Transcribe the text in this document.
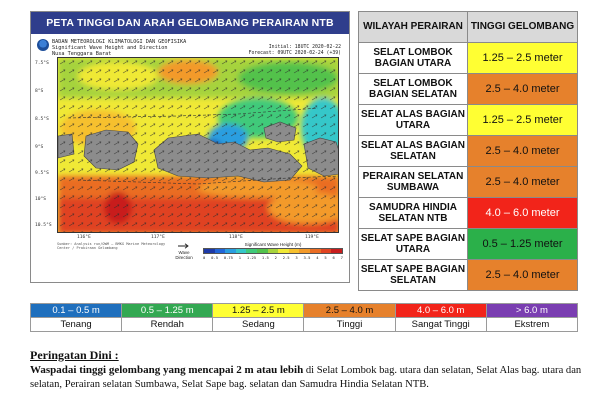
PETA TINGGI DAN ARAH GELOMBANG PERAIRAN NTB
BADAN METEOROLOGI KLIMATOLOGI DAN GEOFISIKA
Significant Wave Height and Direction
Nusa Tenggara Barat
Initial: 18UTC 2020-02-22
Forecast: 09UTC 2020-02-24 (+39)
7.5°S
8°S
8.5°S
9°S
9.5°S
10°S
10.5°S
116°E	117°E	118°E	119°E
Sumber: Analysis run/OWM — BMKG Marine Meteorology Center / Prakiraan Gelombang
Wave Direction
Significant Wave Height (m)
0 0.5 0.75 1 1.25 1.5 2 2.5 3 3.5 4 5 6 7
WILAYAH PERAIRAN	TINGGI GELOMBANG
SELAT LOMBOK BAGIAN UTARA	1.25 – 2.5 meter
SELAT LOMBOK BAGIAN SELATAN	2.5 – 4.0 meter
SELAT ALAS BAGIAN UTARA	1.25 – 2.5 meter
SELAT ALAS BAGIAN SELATAN	2.5 – 4.0 meter
PERAIRAN SELATAN SUMBAWA	2.5 – 4.0 meter
SAMUDRA HINDIA SELATAN NTB	4.0 – 6.0 meter
SELAT SAPE BAGIAN UTARA	0.5 – 1.25 meter
SELAT SAPE BAGIAN SELATAN	2.5 – 4.0 meter
0.1 – 0.5 m	0.5 – 1.25 m	1.25 – 2.5 m	2.5 – 4.0 m	4.0 – 6.0 m	> 6.0 m
Tenang	Rendah	Sedang	Tinggi	Sangat Tinggi	Ekstrem
Peringatan Dini :
Waspadai tinggi gelombang yang mencapai 2 m atau lebih di Selat Lombok bag. utara dan selatan, Selat Alas bag. utara dan selatan, Perairan selatan Sumbawa, Selat Sape bag. selatan dan Samudra Hindia Selatan NTB.
